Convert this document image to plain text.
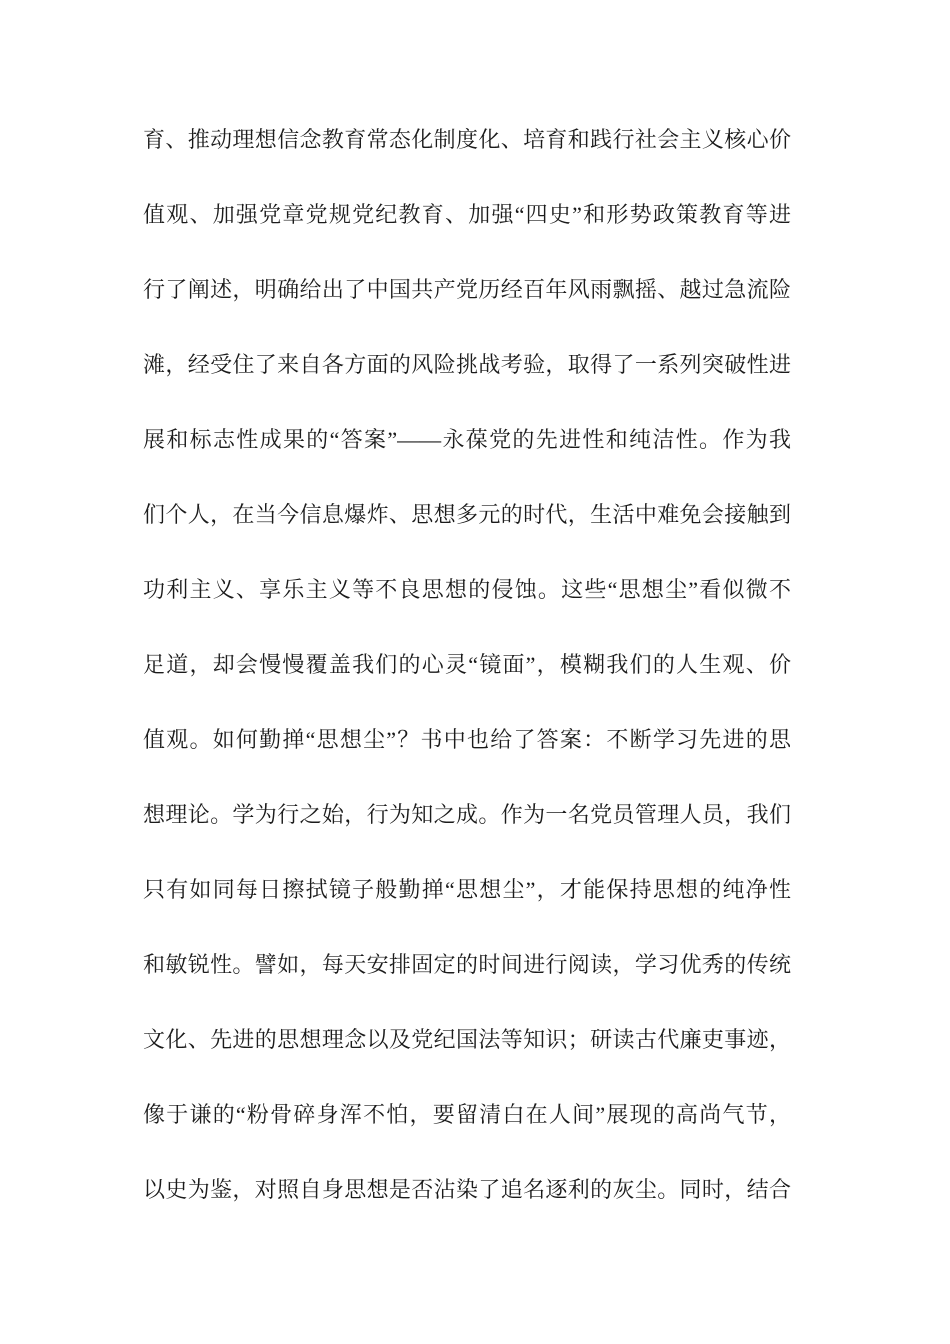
育、推动理想信念教育常态化制度化、培育和践行社会主义核心价
值观、加强党章党规党纪教育、加强“四史”和形势政策教育等进
行了阐述，明确给出了中国共产党历经百年风雨飘摇、越过急流险
滩，经受住了来自各方面的风险挑战考验，取得了一系列突破性进
展和标志性成果的“答案”——永葆党的先进性和纯洁性。作为我
们个人，在当今信息爆炸、思想多元的时代，生活中难免会接触到
功利主义、享乐主义等不良思想的侵蚀。这些“思想尘”看似微不
足道，却会慢慢覆盖我们的心灵“镜面”，模糊我们的人生观、价
值观。如何勤掸“思想尘”？书中也给了答案：不断学习先进的思
想理论。学为行之始，行为知之成。作为一名党员管理人员，我们
只有如同每日擦拭镜子般勤掸“思想尘”，才能保持思想的纯净性
和敏锐性。譬如，每天安排固定的时间进行阅读，学习优秀的传统
文化、先进的思想理念以及党纪国法等知识；研读古代廉吏事迹，
像于谦的“粉骨碎身浑不怕，要留清白在人间”展现的高尚气节，
以史为鉴，对照自身思想是否沾染了追名逐利的灰尘。同时，结合
